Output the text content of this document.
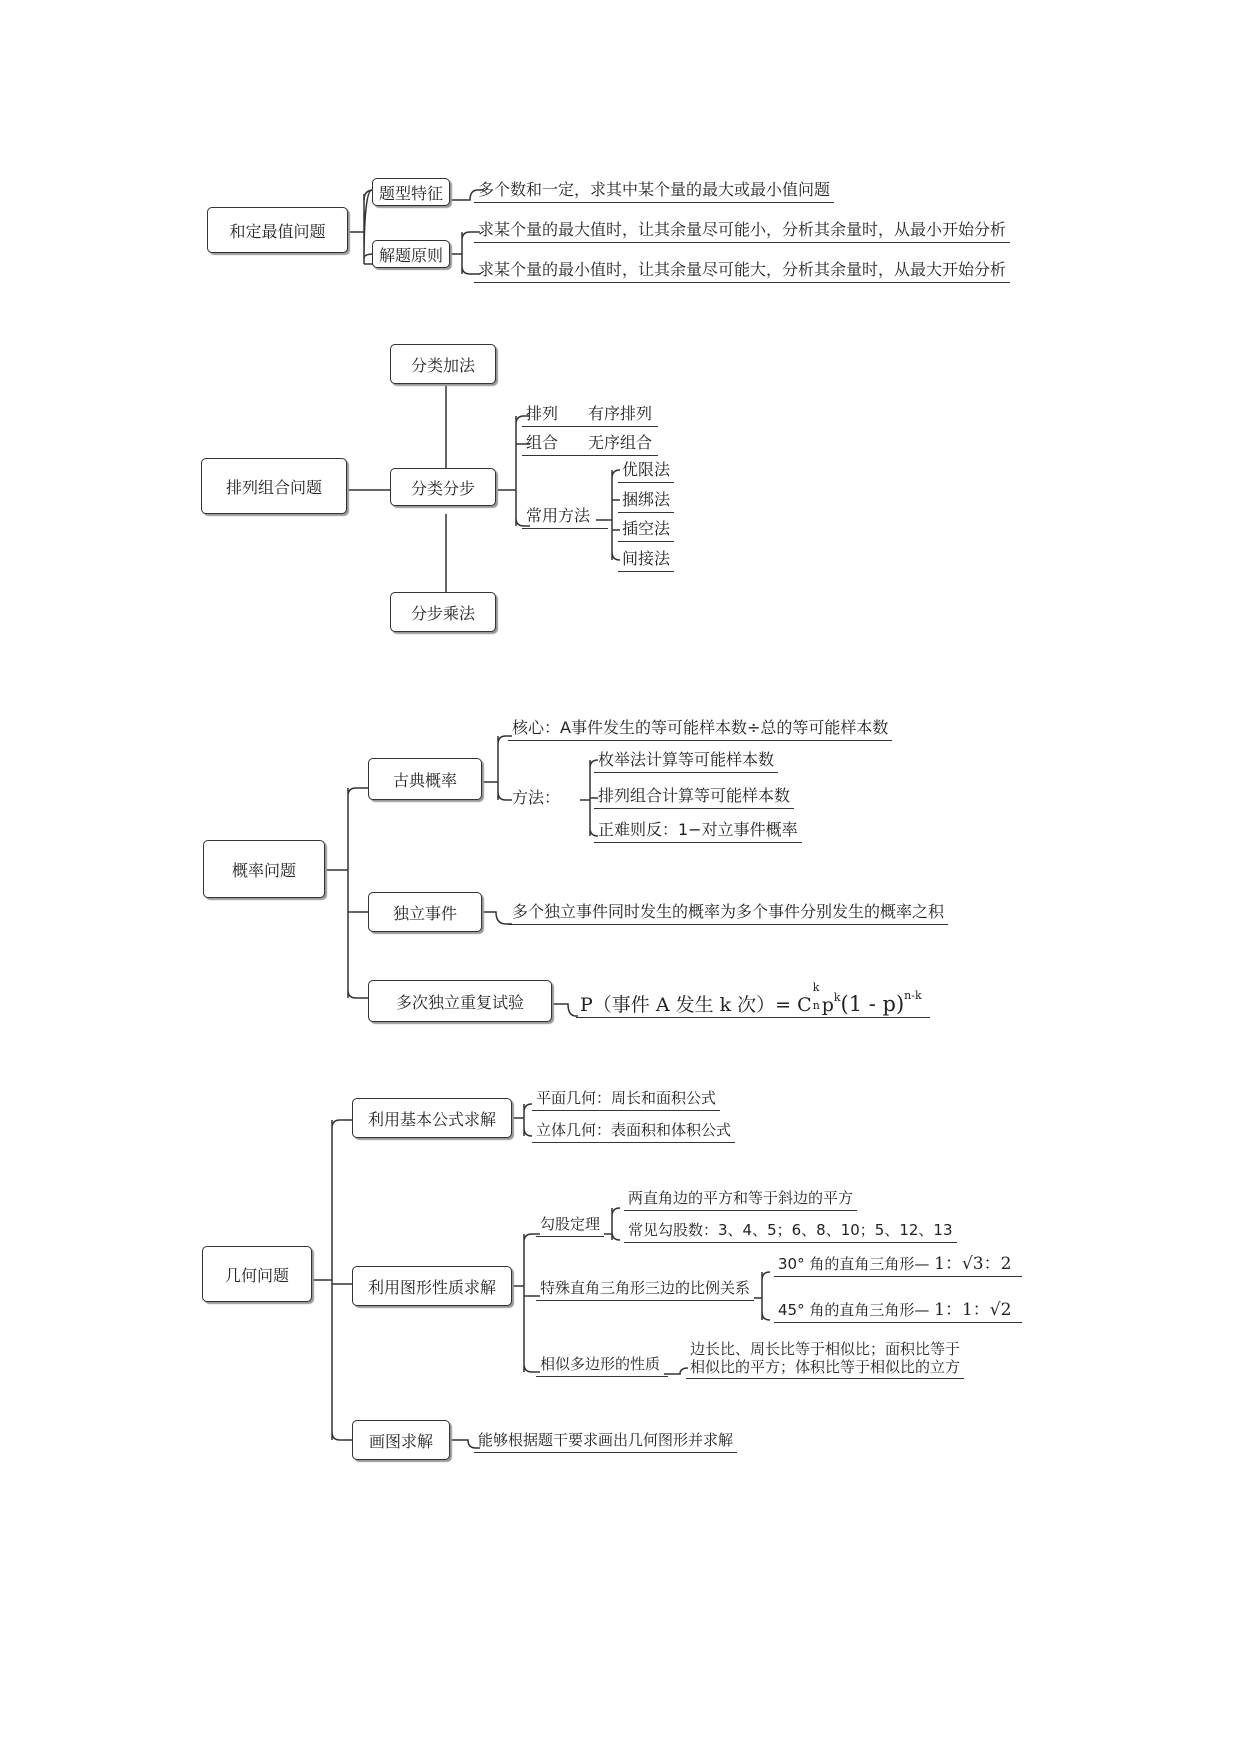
和定最值问题
题型特征
解题原则
多个数和一定，求其中某个量的最大或最小值问题
求某个量的最大值时，让其余量尽可能小，分析其余量时，从最小开始分析
求某个量的最小值时，让其余量尽可能大，分析其余量时，从最大开始分析
排列组合问题
分类加法
分类分步
分步乘法
排列 有序排列
组合 无序组合
常用方法
优限法
捆绑法
插空法
间接法
概率问题
古典概率
独立事件
多次独立重复试验
核心：A事件发生的等可能样本数÷总的等可能样本数
方法：
枚举法计算等可能样本数
排列组合计算等可能样本数
正难则反：1−对立事件概率
多个独立事件同时发生的概率为多个事件分别发生的概率之积
P（事件 A 发生 k 次）= C
k
n $p^k(1 - p)^{n-k}$
几何问题
利用基本公式求解
利用图形性质求解
画图求解
平面几何：周长和面积公式
立体几何：表面积和体积公式
勾股定理
两直角边的平方和等于斜边的平方
常见勾股数：3、4、5；6、8、10；5、12、13
特殊直角三角形三边的比例关系
30° 角的直角三角形— 1：√3：2
45° 角的直角三角形— 1：1：√2
相似多边形的性质
边长比、周长比等于相似比；面积比等于
相似比的平方；体积比等于相似比的立方
能够根据题干要求画出几何图形并求解
